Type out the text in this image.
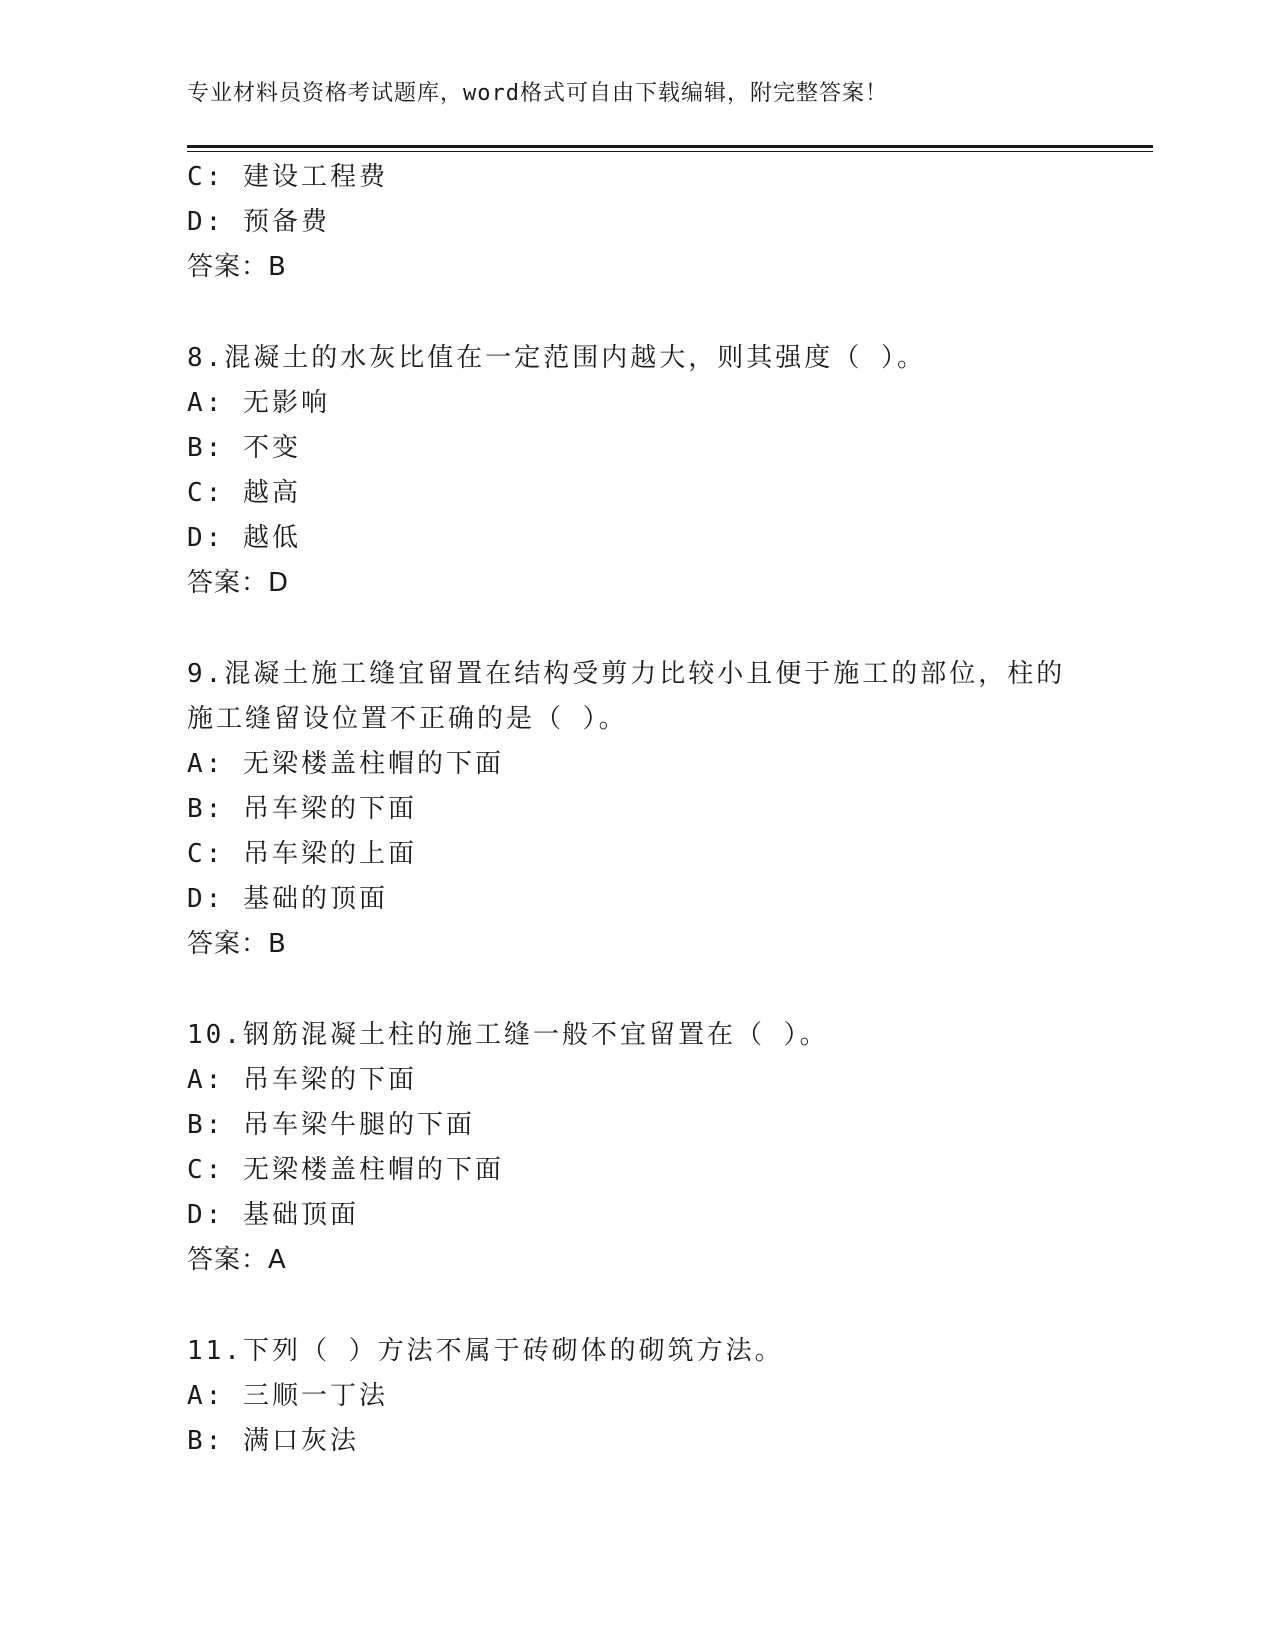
专业材料员资格考试题库，word格式可自由下载编辑，附完整答案！
C: 建设工程费
D: 预备费
答案：B
8.混凝土的水灰比值在一定范围内越大，则其强度（ ）。
A: 无影响
B: 不变
C: 越高
D: 越低
答案：D
9.混凝土施工缝宜留置在结构受剪力比较小且便于施工的部位，柱的
施工缝留设位置不正确的是（ ）。
A: 无梁楼盖柱帽的下面
B: 吊车梁的下面
C: 吊车梁的上面
D: 基础的顶面
答案：B
10.钢筋混凝土柱的施工缝一般不宜留置在（ ）。
A: 吊车梁的下面
B: 吊车梁牛腿的下面
C: 无梁楼盖柱帽的下面
D: 基础顶面
答案：A
11.下列（ ）方法不属于砖砌体的砌筑方法。
A: 三顺一丁法
B: 满口灰法
